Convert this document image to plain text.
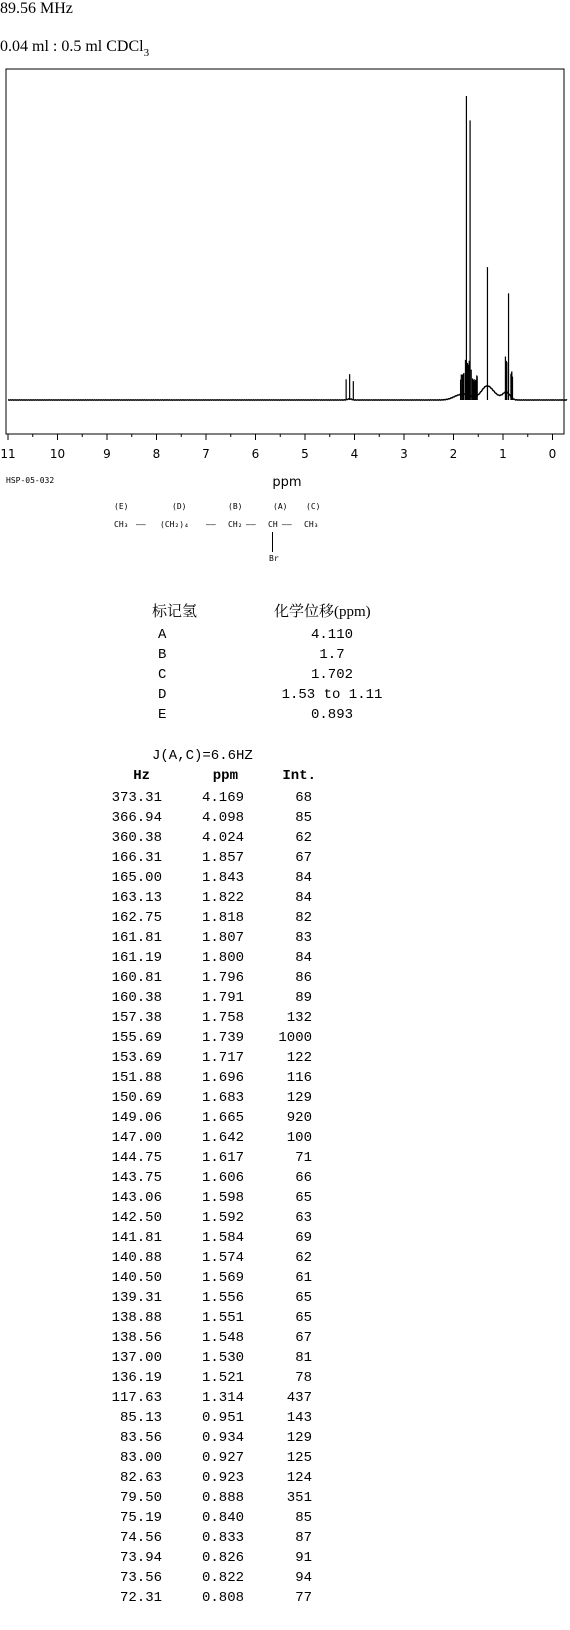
89.56 MHz
0.04 ml : 0.5 ml CDCl$_3$
11	10	9	8	7	6	5	4	3	2	1	0
ppm
HSP-05-032
(E)	(D)	(B)	(A) (C)
CH₃ —— (CH₂)₄ —— CH₂ —— CH —— CH₃
Br
标记氢	化学位移(ppm)
A	4.110
B	1.7
C	1.702
D	1.53 to 1.11
E	0.893
J(A,C)=6.6HZ
Hz	ppm	Int.
373.31	4.169	68
366.94	4.098	85
360.38	4.024	62
166.31	1.857	67
165.00	1.843	84
163.13	1.822	84
162.75	1.818	82
161.81	1.807	83
161.19	1.800	84
160.81	1.796	86
160.38	1.791	89
157.38	1.758	132
155.69	1.739	1000
153.69	1.717	122
151.88	1.696	116
150.69	1.683	129
149.06	1.665	920
147.00	1.642	100
144.75	1.617	71
143.75	1.606	66
143.06	1.598	65
142.50	1.592	63
141.81	1.584	69
140.88	1.574	62
140.50	1.569	61
139.31	1.556	65
138.88	1.551	65
138.56	1.548	67
137.00	1.530	81
136.19	1.521	78
117.63	1.314	437
85.13	0.951	143
83.56	0.934	129
83.00	0.927	125
82.63	0.923	124
79.50	0.888	351
75.19	0.840	85
74.56	0.833	87
73.94	0.826	91
73.56	0.822	94
72.31	0.808	77
